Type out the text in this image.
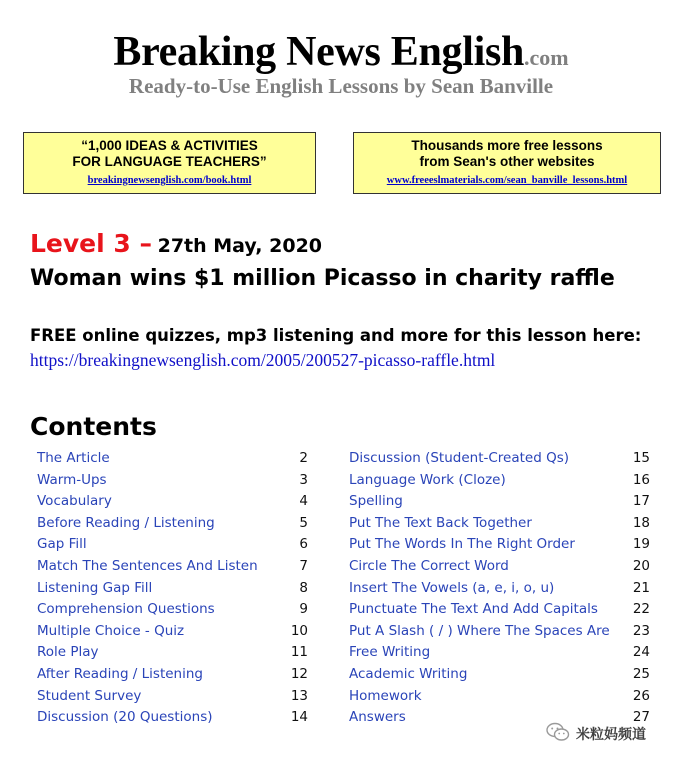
Breaking News English.com
Ready-to-Use English Lessons by Sean Banville
“1,000 IDEAS & ACTIVITIES
FOR LANGUAGE TEACHERS”
breakingnewsenglish.com/book.html
Thousands more free lessons
from Sean's other websites
www.freeeslmaterials.com/sean_banville_lessons.html
Level 3 – 27th May, 2020
Woman wins $1 million Picasso in charity raffle
FREE online quizzes, mp3 listening and more for this lesson here:
https://breakingnewsenglish.com/2005/200527-picasso-raffle.html
Contents
The Article	2
Warm-Ups	3
Vocabulary	4
Before Reading / Listening	5
Gap Fill	6
Match The Sentences And Listen	7
Listening Gap Fill	8
Comprehension Questions	9
Multiple Choice - Quiz	10
Role Play	11
After Reading / Listening	12
Student Survey	13
Discussion (20 Questions)	14
Discussion (Student-Created Qs)	15
Language Work (Cloze)	16
Spelling	17
Put The Text Back Together	18
Put The Words In The Right Order	19
Circle The Correct Word	20
Insert The Vowels (a, e, i, o, u)	21
Punctuate The Text And Add Capitals	22
Put A Slash ( / ) Where The Spaces Are 23
Free Writing	24
Academic Writing	25
Homework	26
Answers	27
米粒妈频道
